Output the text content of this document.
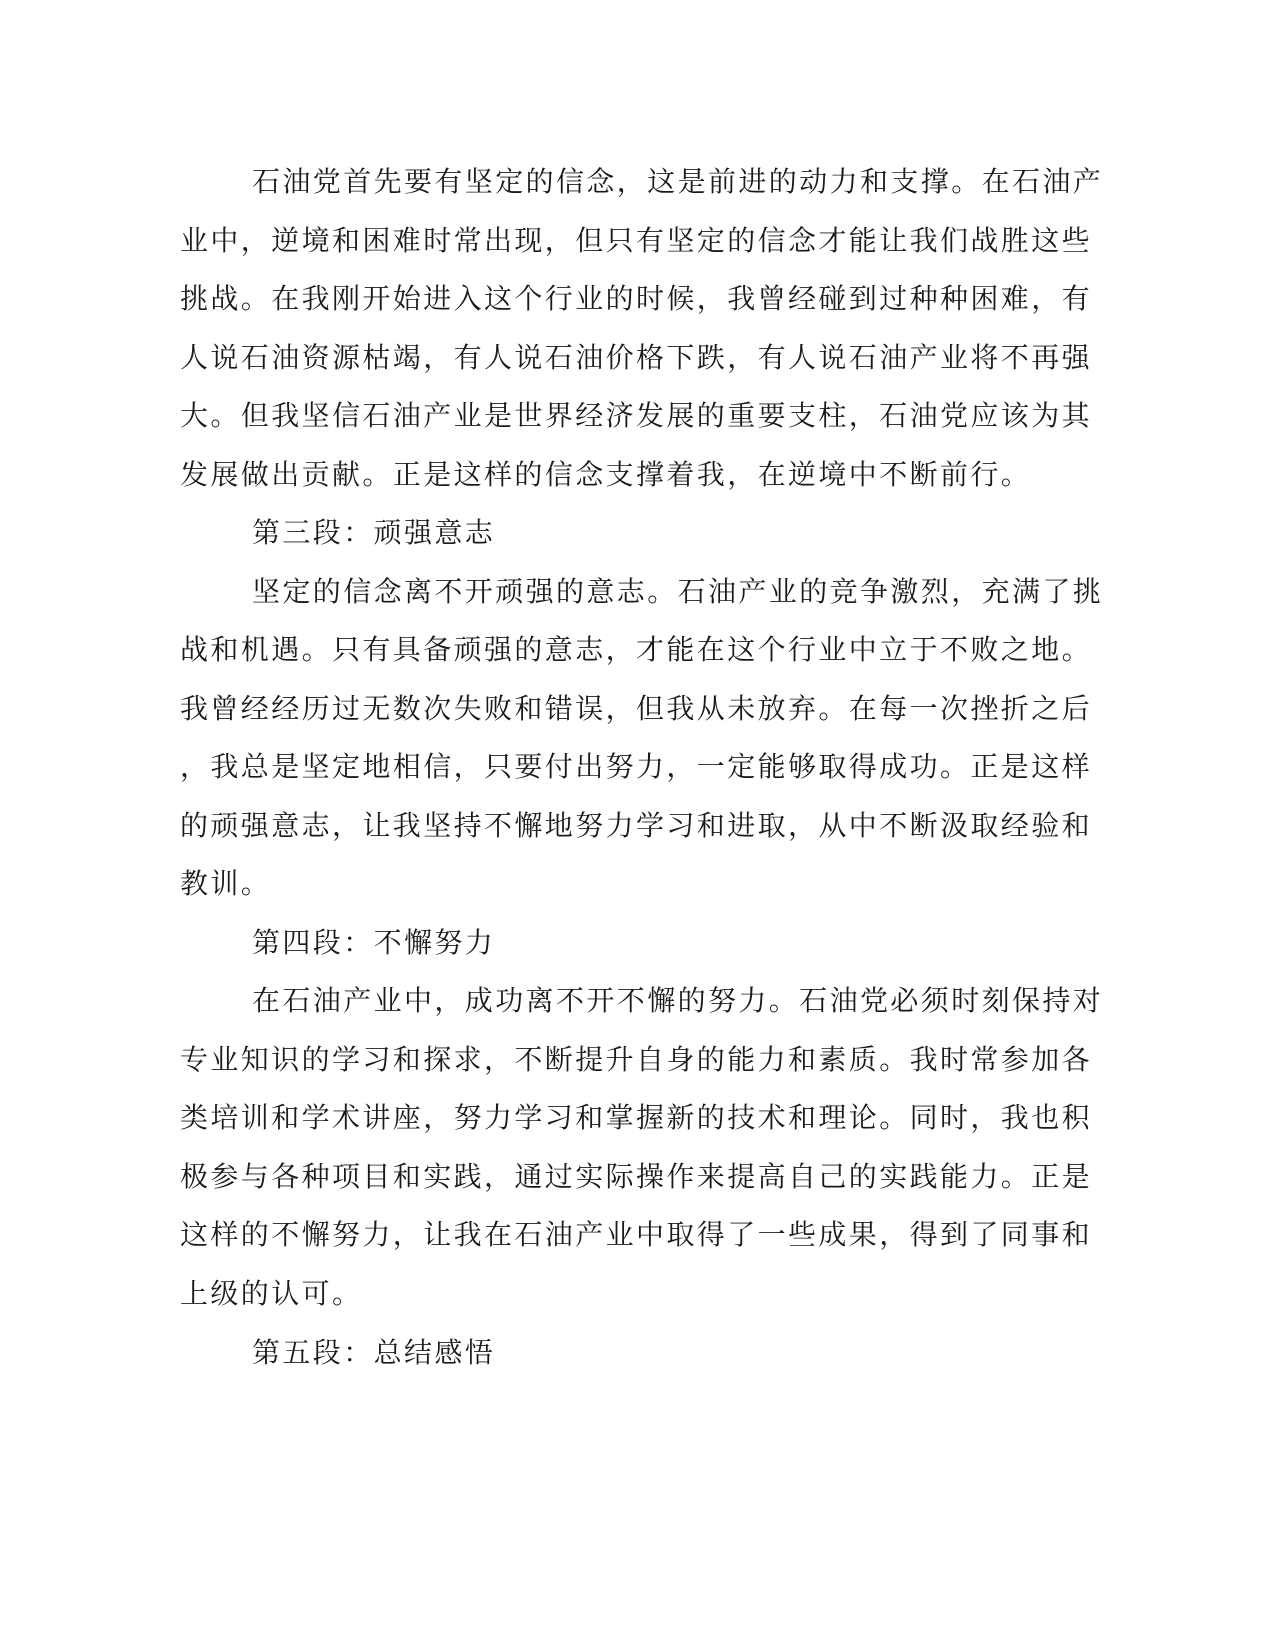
石油党首先要有坚定的信念，这是前进的动力和支撑。在石油产
业中，逆境和困难时常出现，但只有坚定的信念才能让我们战胜这些
挑战。在我刚开始进入这个行业的时候，我曾经碰到过种种困难，有
人说石油资源枯竭，有人说石油价格下跌，有人说石油产业将不再强
大。但我坚信石油产业是世界经济发展的重要支柱，石油党应该为其
发展做出贡献。正是这样的信念支撑着我，在逆境中不断前行。
第三段：顽强意志
坚定的信念离不开顽强的意志。石油产业的竞争激烈，充满了挑
战和机遇。只有具备顽强的意志，才能在这个行业中立于不败之地。
我曾经经历过无数次失败和错误，但我从未放弃。在每一次挫折之后
，我总是坚定地相信，只要付出努力，一定能够取得成功。正是这样
的顽强意志，让我坚持不懈地努力学习和进取，从中不断汲取经验和
教训。
第四段：不懈努力
在石油产业中，成功离不开不懈的努力。石油党必须时刻保持对
专业知识的学习和探求，不断提升自身的能力和素质。我时常参加各
类培训和学术讲座，努力学习和掌握新的技术和理论。同时，我也积
极参与各种项目和实践，通过实际操作来提高自己的实践能力。正是
这样的不懈努力，让我在石油产业中取得了一些成果，得到了同事和
上级的认可。
第五段：总结感悟
